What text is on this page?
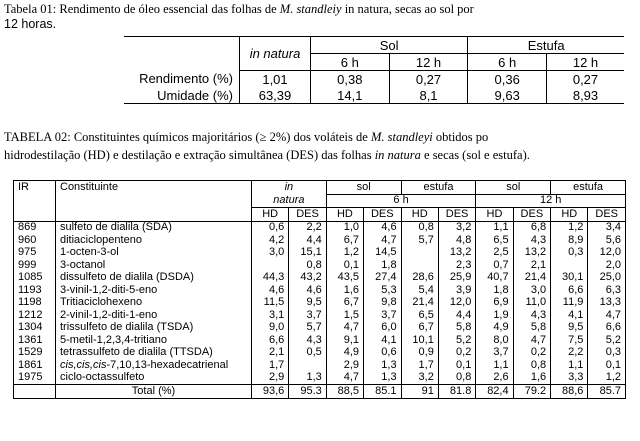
Tabela 01: Rendimento de óleo essencial das folhas de M. standleiy in natura, secas ao sol por
12 horas.
	in natura	Sol		Estufa	
		6 h	12 h	6 h	12 h
Rendimento (%)	1,01	0,38	0,27	0,36	0,27
Umidade (%)	63,39	14,1	8,1	9,63	8,93
TABELA 02: Constituintes químicos majoritários (≥ 2%) dos voláteis de M. standleyi obtidos po
hidrodestilação (HD) e destilação e extração simultânea (DES) das folhas in natura e secas (sol e estufa).
IR	Constituinte	in		sol		estufa		sol		estufa	
		natura		6 h				12 h			
		HD	DES	HD	DES	HD	DES	HD	DES	HD	DES
869	sulfeto de dialila (SDA)	0,6	2,2	1,0	4,6	0,8	3,2	1,1	6,8	1,2	3,4
960	ditiaciclopenteno	4,2	4,4	6,7	4,7	5,7	4,8	6,5	4,3	8,9	5,6
975	1-octen-3-ol	3,0	15,1	1,2	14,5		13,2	2,5	13,2	0,3	12,0
999	3-octanol		0,8	0,1	1,8		2,3	0,7	2,1		2,0
1085	dissulfeto de dialila (DSDA)	44,3	43,2	43,5	27,4	28,6	25,9	40,7	21,4	30,1	25,0
1193	3-vinil-1,2-diti-5-eno	4,6	4,6	1,6	5,3	5,4	3,9	1,8	3,0	6,6	6,3
1198	Tritiaciclohexeno	11,5	9,5	6,7	9,8	21,4	12,0	6,9	11,0	11,9	13,3
1212	2-vinil-1,2-diti-1-eno	3,1	3,7	1,5	3,7	6,5	4,4	1,9	4,3	4,1	4,7
1304	trissulfeto de dialila (TSDA)	9,0	5,7	4,7	6,0	6,7	5,8	4,9	5,8	9,5	6,6
1361	5-metil-1,2,3,4-tritiano	6,6	4,3	9,1	4,1	10,1	5,2	8,0	4,7	7,5	5,2
1529	tetrassulfeto de dialila (TTSDA)	2,1	0,5	4,9	0,6	0,9	0,2	3,7	0,2	2,2	0,3
1861	cis,cis,cis-7,10,13-hexadecatrienal	1,7		2,9	1,3	1,7	0,1	1,1	0,8	1,1	0,1
1975	ciclo-octassulfeto	2,9	1,3	4,7	1,3	3,2	0,8	2,6	1,6	3,3	1,2
	Total (%)	93,6	95.3	88,5	85.1	91	81.8	82,4	79.2	88,6	85.7
